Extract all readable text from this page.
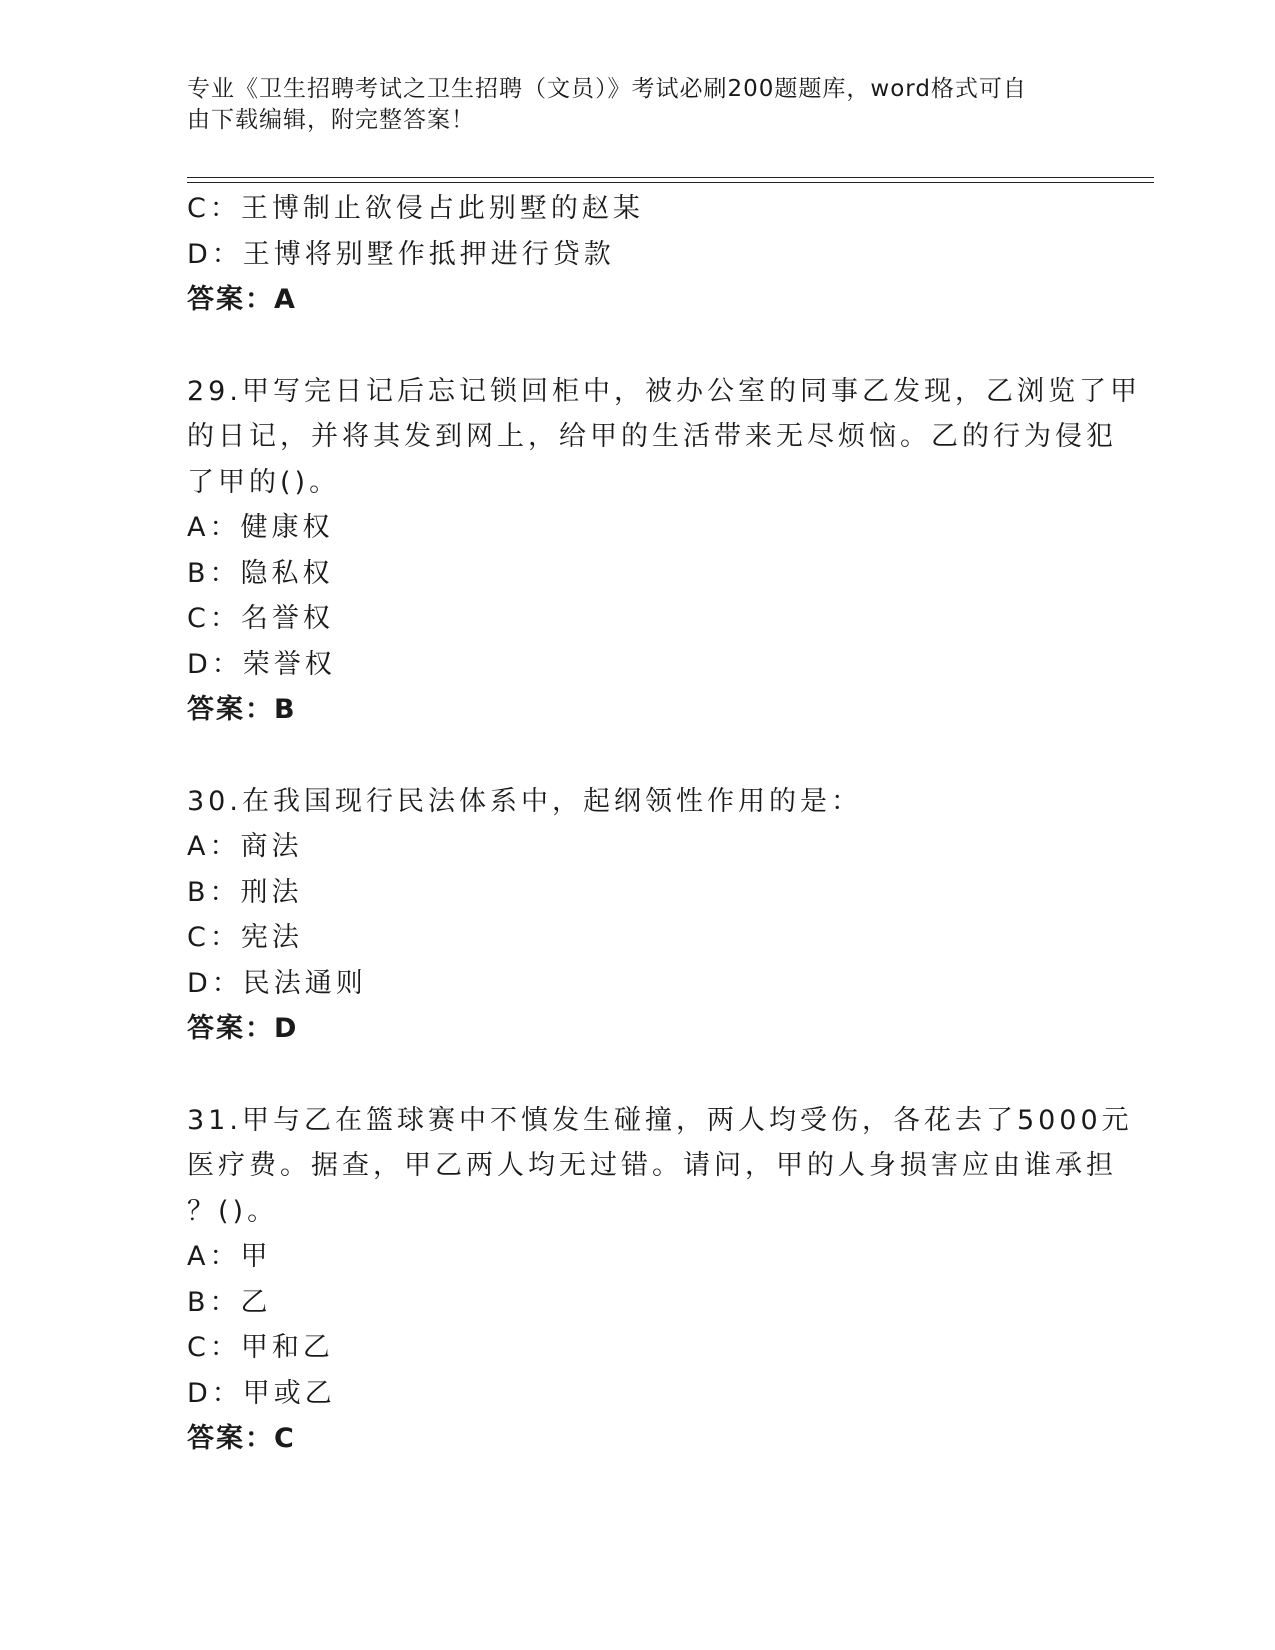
专业《卫生招聘考试之卫生招聘（文员）》考试必刷200题题库，word格式可自
由下载编辑，附完整答案！
C：王博制止欲侵占此别墅的赵某
D：王博将别墅作抵押进行贷款
答案：A
29.甲写完日记后忘记锁回柜中，被办公室的同事乙发现，乙浏览了甲
的日记，并将其发到网上，给甲的生活带来无尽烦恼。乙的行为侵犯
了甲的()。
A：健康权
B：隐私权
C：名誉权
D：荣誉权
答案：B
30.在我国现行民法体系中，起纲领性作用的是：
A：商法
B：刑法
C：宪法
D：民法通则
答案：D
31.甲与乙在篮球赛中不慎发生碰撞，两人均受伤，各花去了5000元
医疗费。据查，甲乙两人均无过错。请问，甲的人身损害应由谁承担
？()。
A：甲
B：乙
C：甲和乙
D：甲或乙
答案：C
